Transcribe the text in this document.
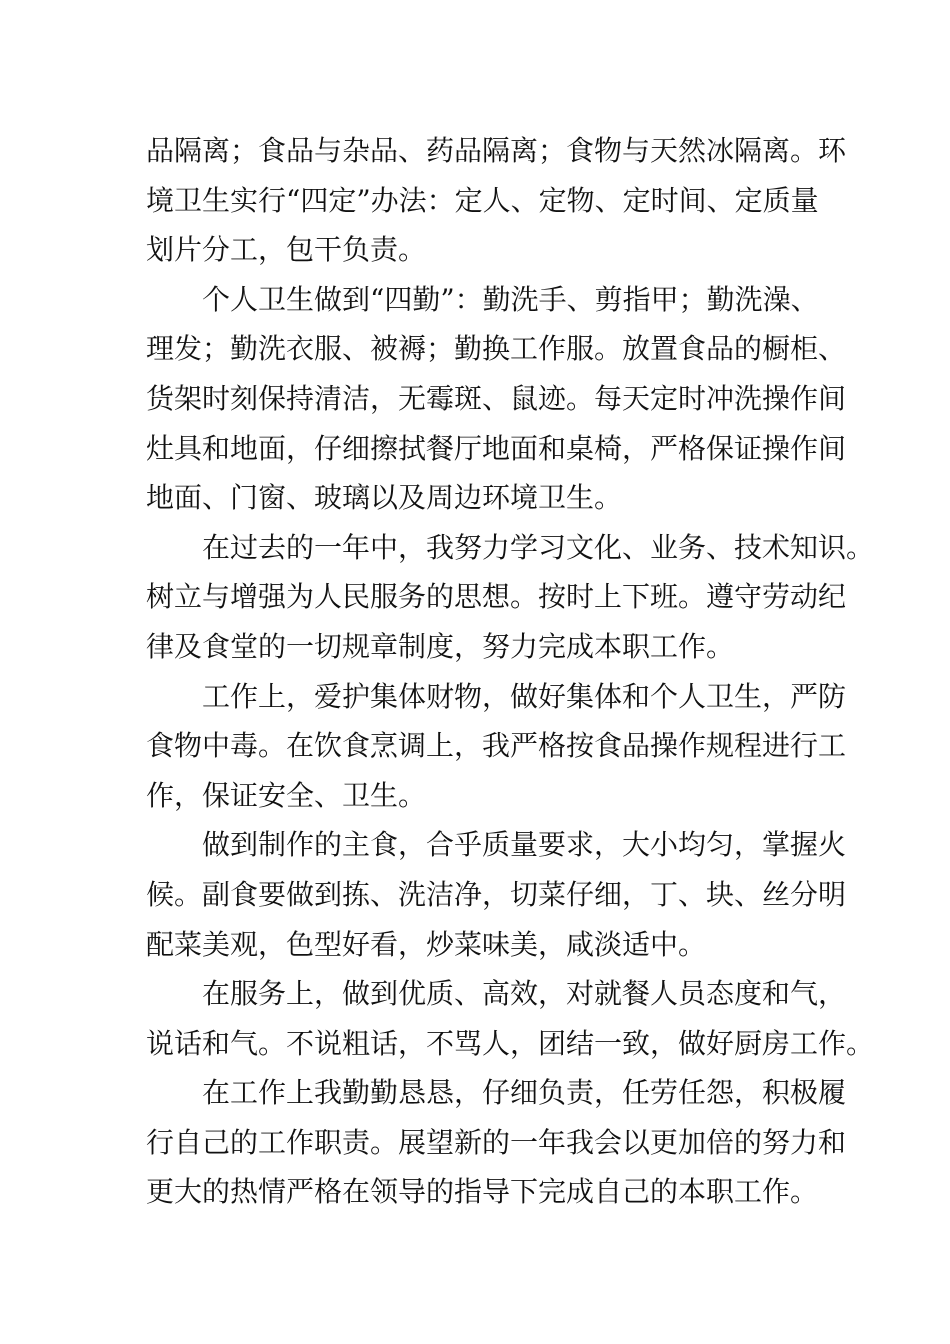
品隔离；食品与杂品、药品隔离；食物与天然冰隔离。环
境卫生实行“四定”办法：定人、定物、定时间、定质量
划片分工，包干负责。
个人卫生做到“四勤”：勤洗手、剪指甲；勤洗澡、
理发；勤洗衣服、被褥；勤换工作服。放置食品的橱柜、
货架时刻保持清洁，无霉斑、鼠迹。每天定时冲洗操作间
灶具和地面，仔细擦拭餐厅地面和桌椅，严格保证操作间
地面、门窗、玻璃以及周边环境卫生。
在过去的一年中，我努力学习文化、业务、技术知识。
树立与增强为人民服务的思想。按时上下班。遵守劳动纪
律及食堂的一切规章制度，努力完成本职工作。
工作上，爱护集体财物，做好集体和个人卫生，严防
食物中毒。在饮食烹调上，我严格按食品操作规程进行工
作，保证安全、卫生。
做到制作的主食，合乎质量要求，大小均匀，掌握火
候。副食要做到拣、洗洁净，切菜仔细，丁、块、丝分明
配菜美观，色型好看，炒菜味美，咸淡适中。
在服务上，做到优质、高效，对就餐人员态度和气，
说话和气。不说粗话，不骂人，团结一致，做好厨房工作。
在工作上我勤勤恳恳，仔细负责，任劳任怨，积极履
行自己的工作职责。展望新的一年我会以更加倍的努力和
更大的热情严格在领导的指导下完成自己的本职工作。
